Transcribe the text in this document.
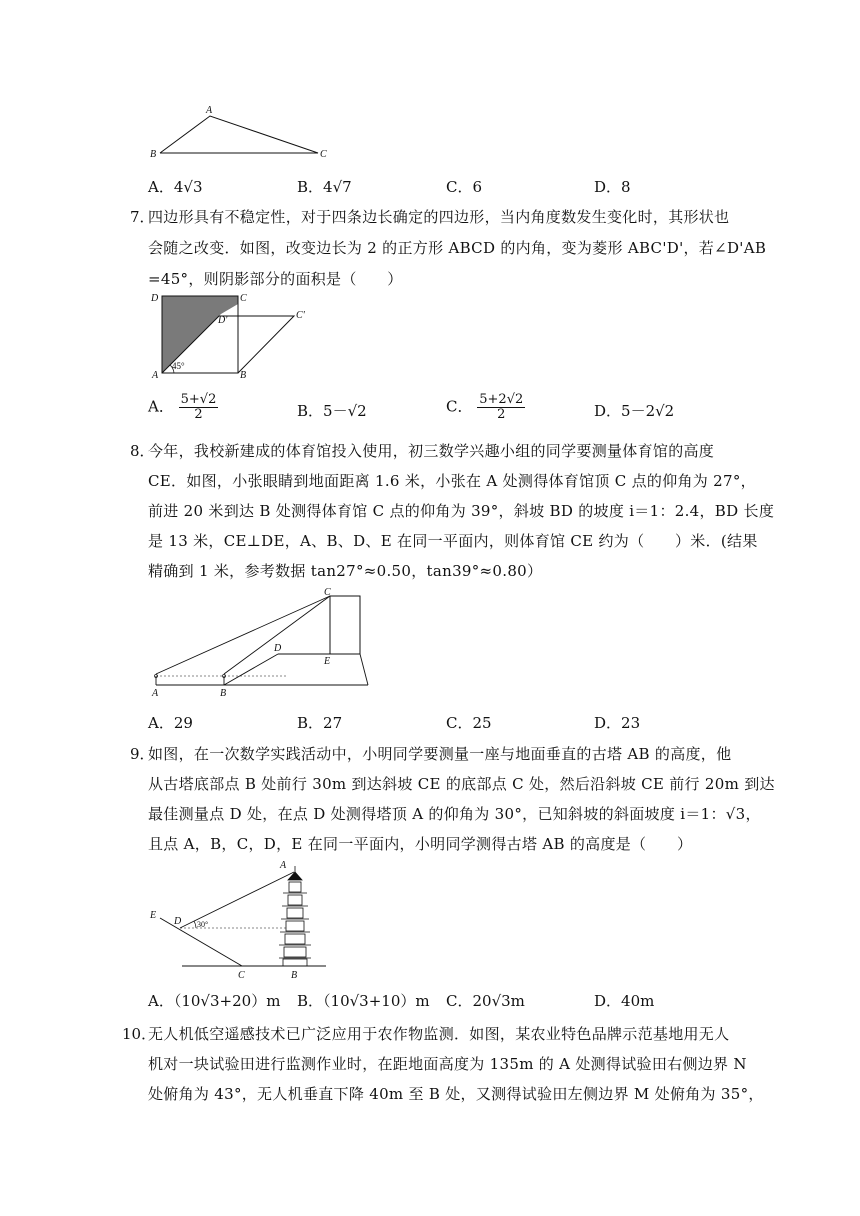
A
B	C
A．4√3	B．4√7	C．6	D．8
7．
四边形具有不稳定性，对于四条边长确定的四边形，当内角度数发生变化时，其形状也
会随之改变．如图，改变边长为 2 的正方形 ABCD 的内角，变为菱形 ABC'D'，若∠D'AB
=45°，则阴影部分的面积是（　　）
D	C
D'	C'
A	B
45°
A． $\frac{5+√2}{2}$	B．5－√2	C． $\frac{5+2√2}{2}$	D．5－2√2
8．
今年，我校新建成的体育馆投入使用，初三数学兴趣小组的同学要测量体育馆的高度
CE．如图，小张眼睛到地面距离 1.6 米，小张在 A 处测得体育馆顶 C 点的仰角为 27°，
前进 20 米到达 B 处测得体育馆 C 点的仰角为 39°，斜坡 BD 的坡度 i＝1：2.4，BD 长度
是 13 米，CE⊥DE，A、B、D、E 在同一平面内，则体育馆 CE 约为（　　）米．(结果
精确到 1 米，参考数据 tan27°≈0.50，tan39°≈0.80）
C
D
E
A	B
A．29	B．27	C．25	D．23
9．
如图，在一次数学实践活动中，小明同学要测量一座与地面垂直的古塔 AB 的高度，他
从古塔底部点 B 处前行 30m 到达斜坡 CE 的底部点 C 处，然后沿斜坡 CE 前行 20m 到达
最佳测量点 D 处，在点 D 处测得塔顶 A 的仰角为 30°，已知斜坡的斜面坡度 i＝1：√3，
且点 A，B，C，D，E 在同一平面内，小明同学测得古塔 AB 的高度是（　　）
A
E
D
C	B
30°
A．（10√3+20）m B．（10√3+10）m C．20√3m	D．40m
10．
无人机低空遥感技术已广泛应用于农作物监测．如图，某农业特色品牌示范基地用无人
机对一块试验田进行监测作业时，在距地面高度为 135m 的 A 处测得试验田右侧边界 N
处俯角为 43°，无人机垂直下降 40m 至 B 处，又测得试验田左侧边界 M 处俯角为 35°，
